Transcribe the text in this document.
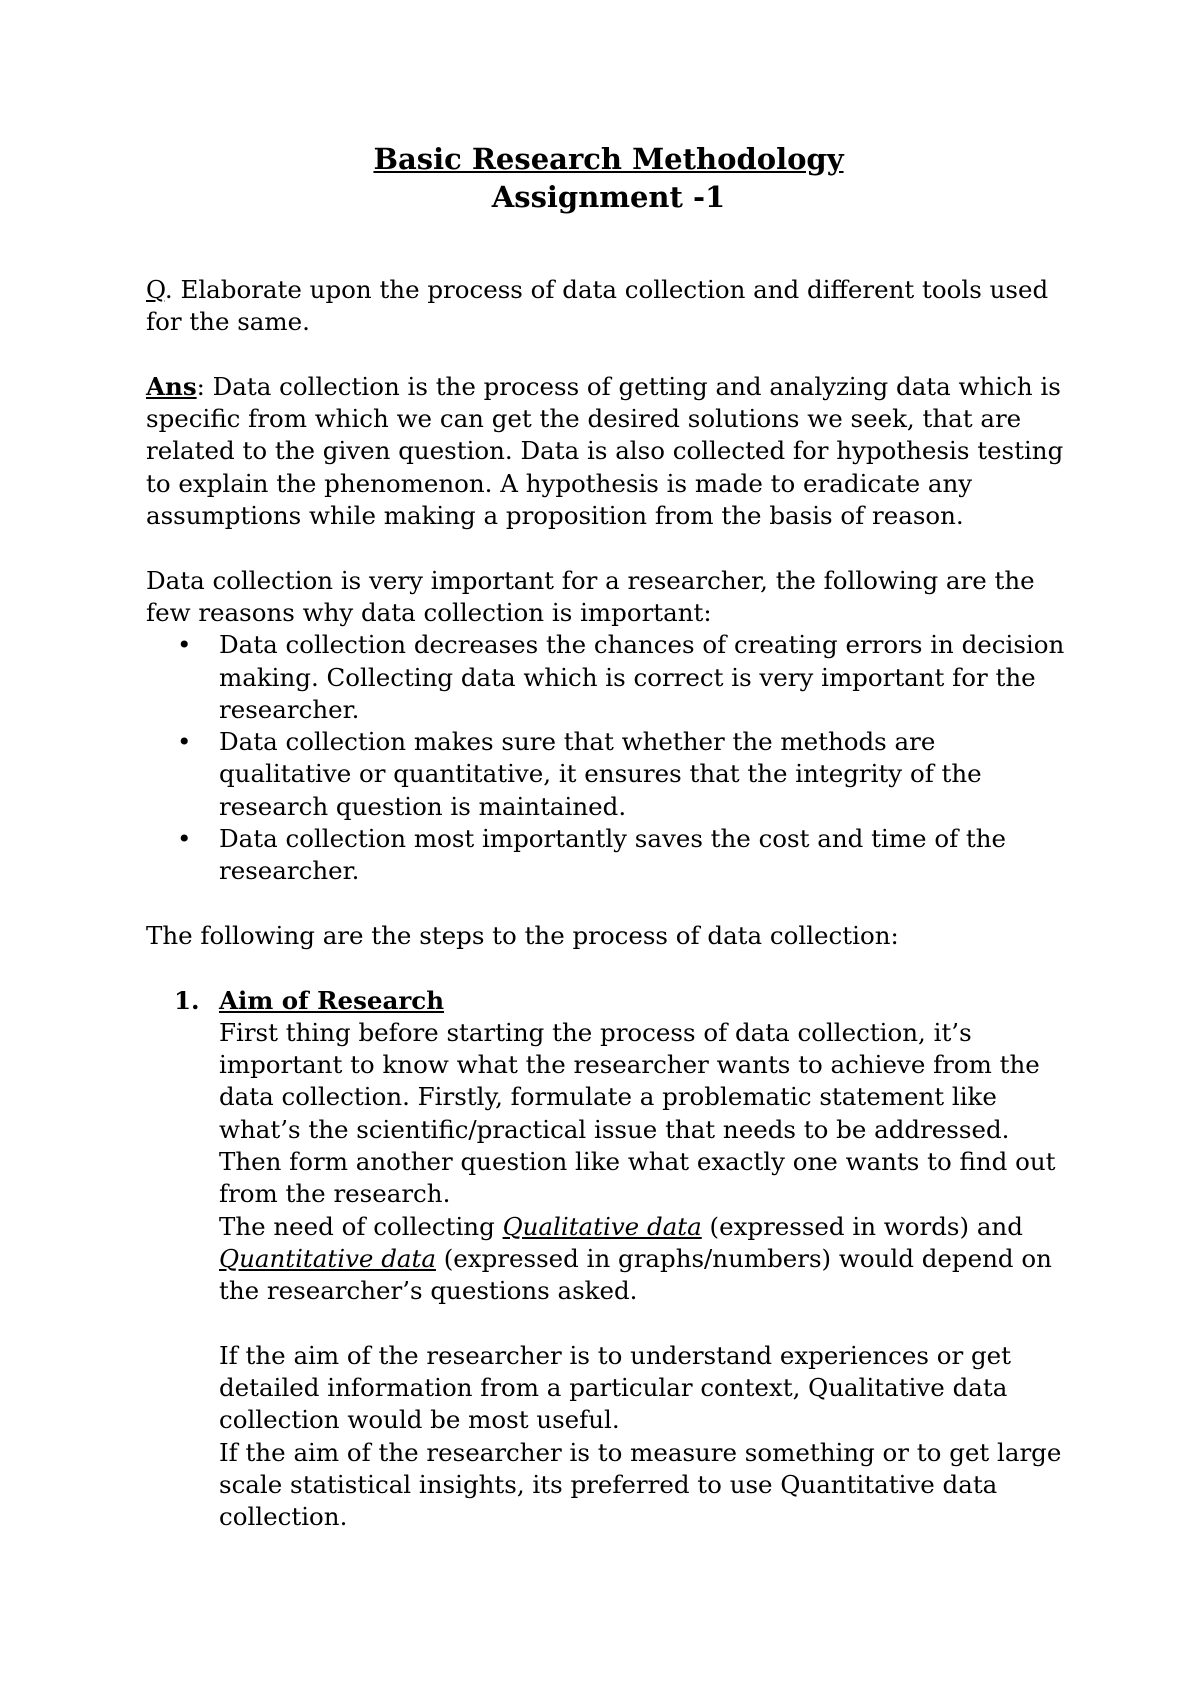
Basic Research Methodology
Assignment -1

Q. Elaborate upon the process of data collection and different tools used for the same.

Ans: Data collection is the process of getting and analyzing data which is specific from which we can get the desired solutions we seek, that are related to the given question. Data is also collected for hypothesis testing to explain the phenomenon. A hypothesis is made to eradicate any assumptions while making a proposition from the basis of reason.

Data collection is very important for a researcher, the following are the few reasons why data collection is important:

• Data collection decreases the chances of creating errors in decision making. Collecting data which is correct is very important for the researcher.
• Data collection makes sure that whether the methods are qualitative or quantitative, it ensures that the integrity of the research question is maintained.
• Data collection most importantly saves the cost and time of the researcher.

The following are the steps to the process of data collection:

1. Aim of Research

First thing before starting the process of data collection, it’s important to know what the researcher wants to achieve from the data collection. Firstly, formulate a problematic statement like what’s the scientific/practical issue that needs to be addressed. Then form another question like what exactly one wants to find out from the research.

The need of collecting Qualitative data (expressed in words) and Quantitative data (expressed in graphs/numbers) would depend on the researcher’s questions asked.

If the aim of the researcher is to understand experiences or get detailed information from a particular context, Qualitative data collection would be most useful.

If the aim of the researcher is to measure something or to get large scale statistical insights, its preferred to use Quantitative data collection.
